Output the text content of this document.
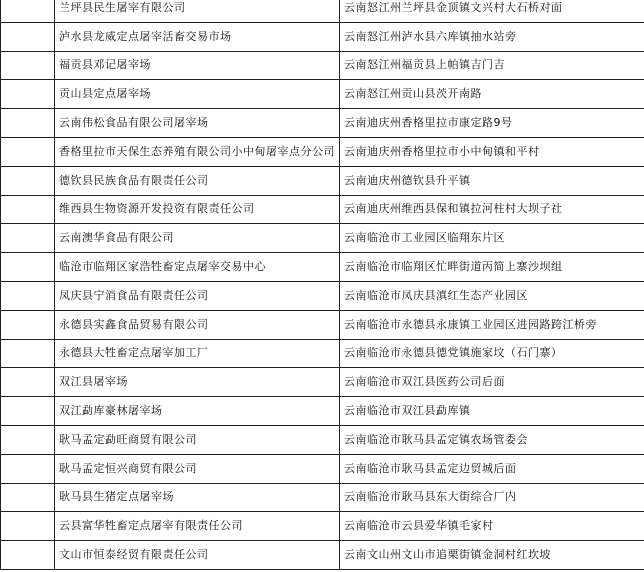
	兰坪县民生屠宰有限公司	云南怒江州兰坪县金顶镇文兴村大石桥对面
	泸水县龙威定点屠宰活畜交易市场	云南怒江州泸水县六库镇抽水站旁
	福贡县邓记屠宰场	云南怒江州福贡县上帕镇吉门吉
	贡山县定点屠宰场	云南怒江州贡山县茨开南路
	云南伟松食品有限公司屠宰场	云南迪庆州香格里拉市康定路9号
	香格里拉市天保生态养殖有限公司小中甸屠宰点分公司	云南迪庆州香格里拉市小中甸镇和平村
	德钦县民族食品有限责任公司	云南迪庆州德钦县升平镇
	维西县生物资源开发投资有限责任公司	云南迪庆州维西县保和镇拉河柱村大坝子社
	云南澳华食品有限公司	云南临沧市工业园区临翔东片区
	临沧市临翔区家浩牲畜定点屠宰交易中心	云南临沧市临翔区忙畔街道丙简上寨沙坝组
	凤庆县宁消食品有限责任公司	云南临沧市凤庆县滇红生态产业园区
	永德县实鑫食品贸易有限公司	云南临沧市永德县永康镇工业园区进园路跨江桥旁
	永德县大牲畜定点屠宰加工厂	云南临沧市永德县德党镇施家坟（石门寨）
	双江县屠宰场	云南临沧市双江县医药公司后面
	双江勐库豪林屠宰场	云南临沧市双江县勐库镇
	耿马孟定勐旺商贸有限公司	云南临沧市耿马县孟定镇农场管委会
	耿马孟定恒兴商贸有限公司	云南临沧市耿马县孟定边贸城后面
	耿马县生猪定点屠宰场	云南临沧市耿马县东大街综合厂内
	云县富华牲畜定点屠宰有限责任公司	云南临沧市云县爱华镇毛家村
	文山市恒泰经贸有限责任公司	云南文山州文山市追栗街镇金洞村红坎坡
